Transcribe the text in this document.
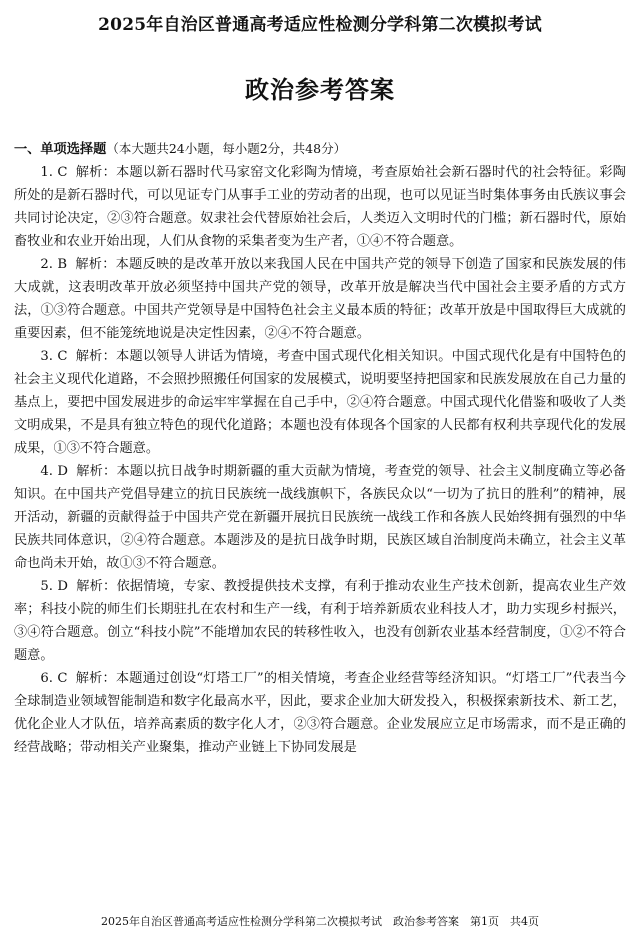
2025年自治区普通高考适应性检测分学科第二次模拟考试
政治参考答案

一、单项选择题（本大题共24小题，每小题2分，共48分）

1. C 解析：本题以新石器时代马家窑文化彩陶为情境，考查原始社会新石器时代的社会特征。彩陶所处的是新石器时代，可以见证专门从事手工业的劳动者的出现，也可以见证当时集体事务由氏族议事会共同讨论决定，②③符合题意。奴隶社会代替原始社会后，人类迈入文明时代的门槛；新石器时代，原始畜牧业和农业开始出现，人们从食物的采集者变为生产者，①④不符合题意。

2. B 解析：本题反映的是改革开放以来我国人民在中国共产党的领导下创造了国家和民族发展的伟大成就，这表明改革开放必须坚持中国共产党的领导，改革开放是解决当代中国社会主要矛盾的方式方法，①③符合题意。中国共产党领导是中国特色社会主义最本质的特征；改革开放是中国取得巨大成就的重要因素，但不能笼统地说是决定性因素，②④不符合题意。

3. C 解析：本题以领导人讲话为情境，考查中国式现代化相关知识。中国式现代化是有中国特色的社会主义现代化道路，不会照抄照搬任何国家的发展模式，说明要坚持把国家和民族发展放在自己力量的基点上，要把中国发展进步的命运牢牢掌握在自己手中，②④符合题意。中国式现代化借鉴和吸收了人类文明成果，不是具有独立特色的现代化道路；本题也没有体现各个国家的人民都有权利共享现代化的发展成果，①③不符合题意。

4. D 解析：本题以抗日战争时期新疆的重大贡献为情境，考查党的领导、社会主义制度确立等必备知识。在中国共产党倡导建立的抗日民族统一战线旗帜下，各族民众以“一切为了抗日的胜利”的精神，展开活动，新疆的贡献得益于中国共产党在新疆开展抗日民族统一战线工作和各族人民始终拥有强烈的中华民族共同体意识，②④符合题意。本题涉及的是抗日战争时期，民族区域自治制度尚未确立，社会主义革命也尚未开始，故①③不符合题意。

5. D 解析：依据情境，专家、教授提供技术支撑，有利于推动农业生产技术创新，提高农业生产效率；科技小院的师生们长期驻扎在农村和生产一线，有利于培养新质农业科技人才，助力实现乡村振兴，③④符合题意。创立“科技小院”不能增加农民的转移性收入，也没有创新农业基本经营制度，①②不符合题意。

6. C 解析：本题通过创设“灯塔工厂”的相关情境，考查企业经营等经济知识。“灯塔工厂”代表当今全球制造业领域智能制造和数字化最高水平，因此，要求企业加大研发投入，积极探索新技术、新工艺，优化企业人才队伍，培养高素质的数字化人才，②③符合题意。企业发展应立足市场需求，而不是正确的经营战略；带动相关产业聚集，推动产业链上下协同发展是

2025年自治区普通高考适应性检测分学科第二次模拟考试　政治参考答案　第1页　共4页
